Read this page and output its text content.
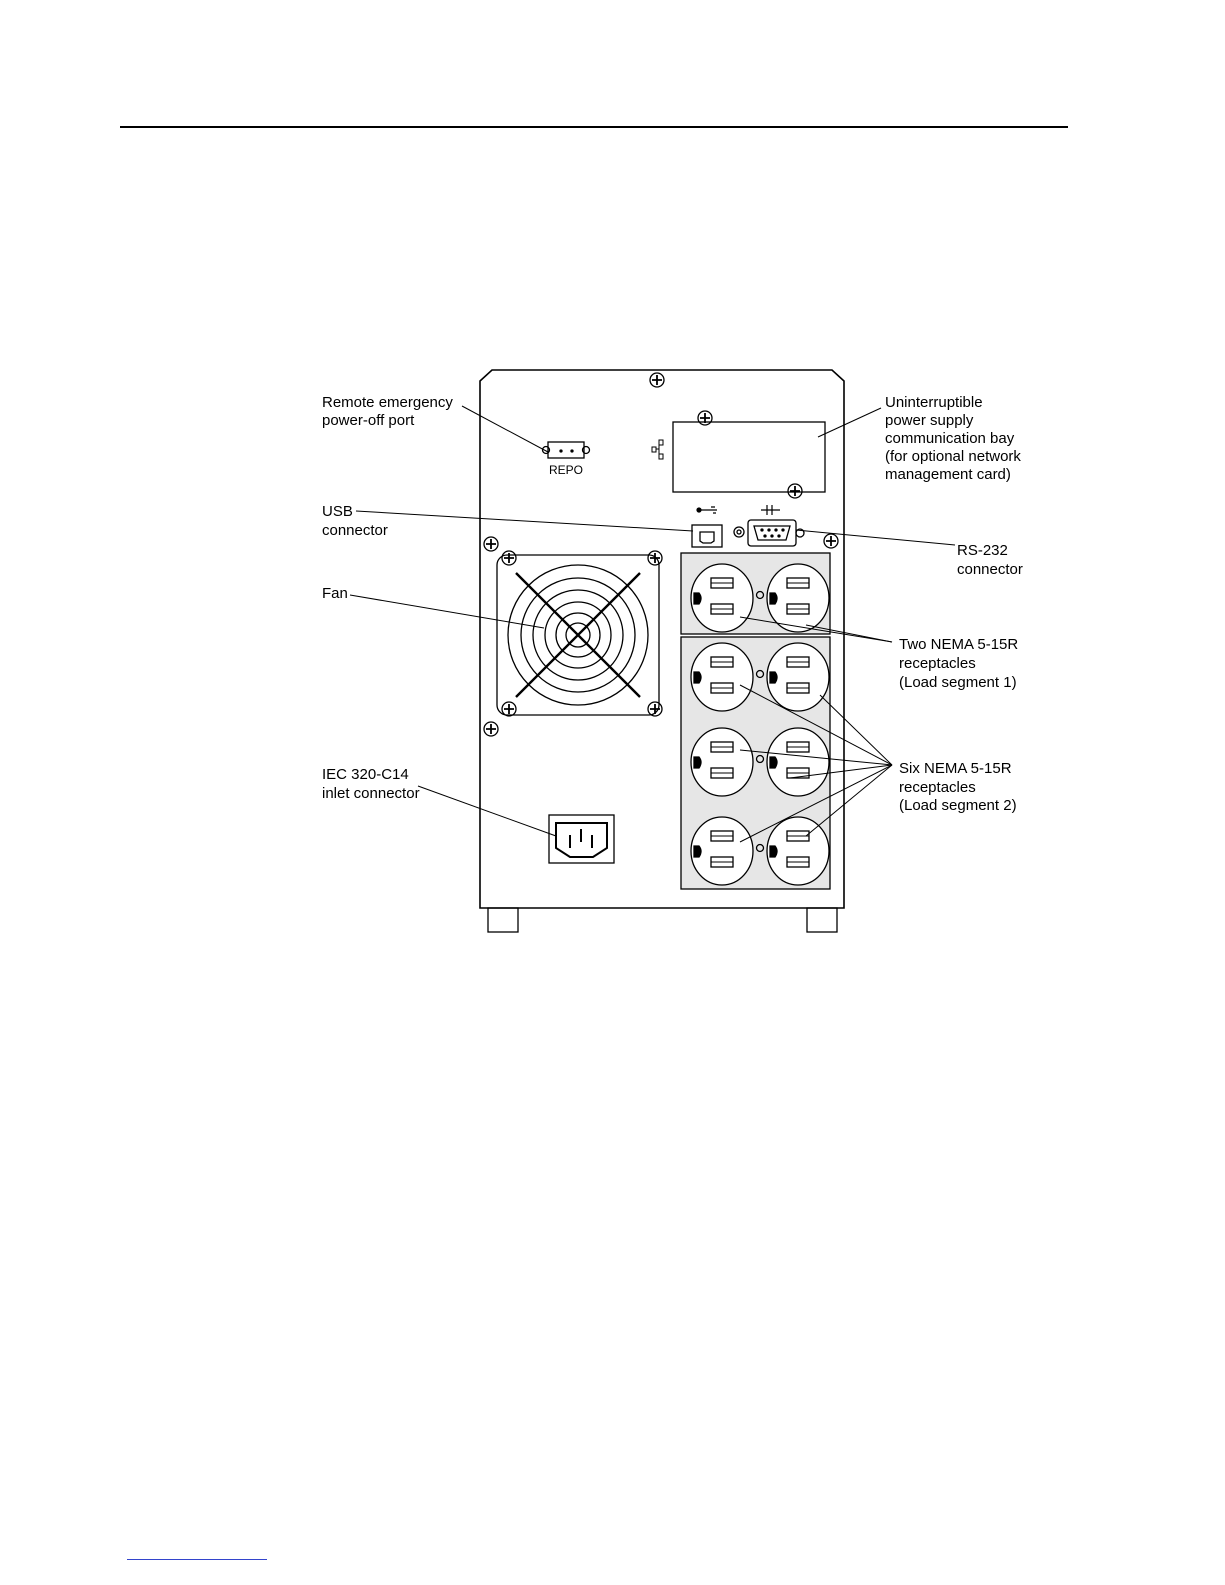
Remote emergency
power-off port
REPO
Uninterruptible
power supply
communication bay
(for optional network
management card)
USB
connector
RS-232
connector
Fan
Two NEMA 5-15R
receptacles
(Load segment 1)
Six NEMA 5-15R
receptacles
(Load segment 2)
IEC 320-C14
inlet connector
